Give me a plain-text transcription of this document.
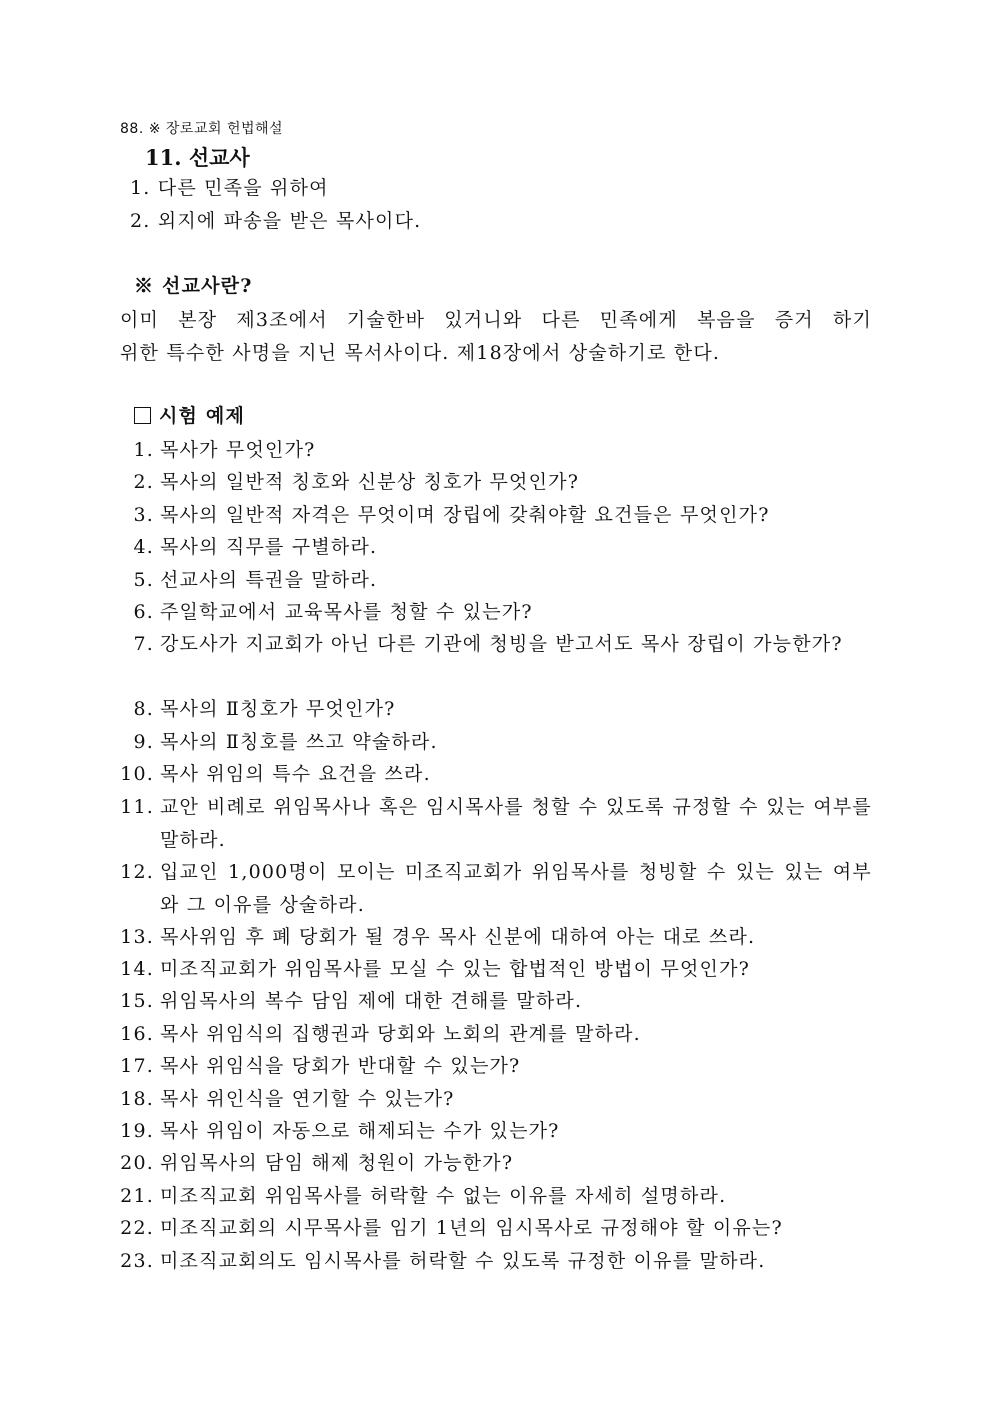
88. ※ 장로교회 헌법해설
11. 선교사
1. 다른 민족을 위하여
2. 외지에 파송을 받은 목사이다.
※ 선교사란?
이미 본장 제3조에서 기술한바 있거니와 다른 민족에게 복음을 증거 하기
위한 특수한 사명을 지닌 목서사이다. 제18장에서 상술하기로 한다.
시험 예제
1. 목사가 무엇인가?
2. 목사의 일반적 칭호와 신분상 칭호가 무엇인가?
3. 목사의 일반적 자격은 무엇이며 장립에 갖춰야할 요건들은 무엇인가?
4. 목사의 직무를 구별하라.
5. 선교사의 특권을 말하라.
6. 주일학교에서 교육목사를 청할 수 있는가?
7. 강도사가 지교회가 아닌 다른 기관에 청빙을 받고서도 목사 장립이 가능한가?
8. 목사의 Ⅱ칭호가 무엇인가?
9. 목사의 Ⅱ칭호를 쓰고 약술하라.
10. 목사 위임의 특수 요건을 쓰라.
11. 교안 비례로 위임목사나 혹은 임시목사를 청할 수 있도록 규정할 수 있는 여부를 말하라.
12. 입교인 1,000명이 모이는 미조직교회가 위임목사를 청빙할 수 있는 있는 여부와 그 이유를 상술하라.
13. 목사위임 후 폐 당회가 될 경우 목사 신분에 대하여 아는 대로 쓰라.
14. 미조직교회가 위임목사를 모실 수 있는 합법적인 방법이 무엇인가?
15. 위임목사의 복수 담임 제에 대한 견해를 말하라.
16. 목사 위임식의 집행권과 당회와 노회의 관계를 말하라.
17. 목사 위임식을 당회가 반대할 수 있는가?
18. 목사 위인식을 연기할 수 있는가?
19. 목사 위임이 자동으로 해제되는 수가 있는가?
20. 위임목사의 담임 해제 청원이 가능한가?
21. 미조직교회 위임목사를 허락할 수 없는 이유를 자세히 설명하라.
22. 미조직교회의 시무목사를 임기 1년의 임시목사로 규정해야 할 이유는?
23. 미조직교회의도 임시목사를 허락할 수 있도록 규정한 이유를 말하라.
